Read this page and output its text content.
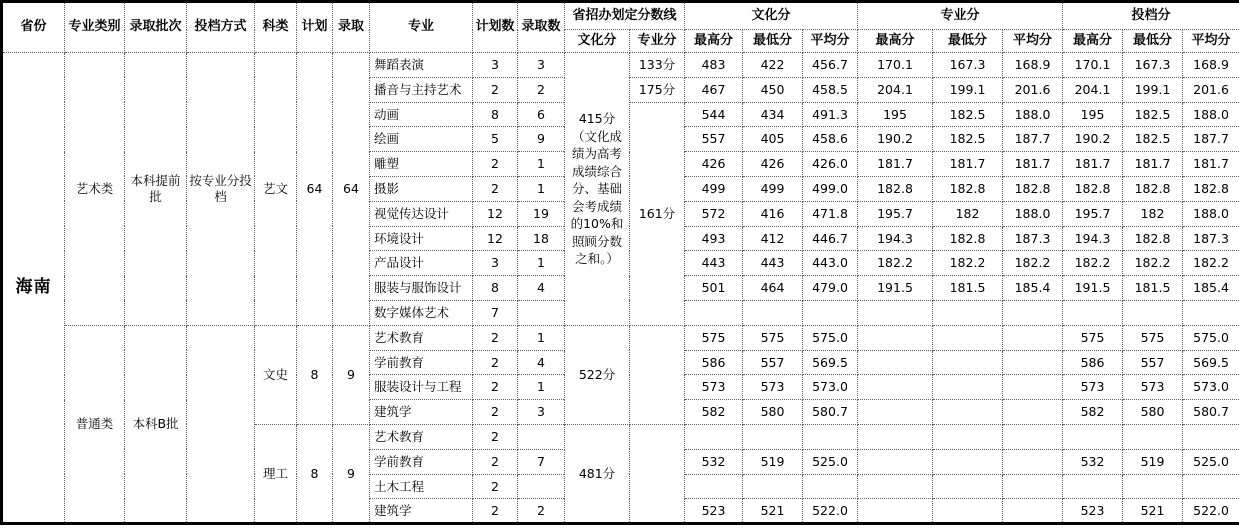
省份	专业类别	录取批次	投档方式	科类	计划	录取	专业	计划数	录取数	省招办划定分数线		文化分			专业分			投档分		
										文化分	专业分	最高分	最低分	平均分	最高分	最低分	平均分	最高分	最低分	平均分
海南	艺术类	本科提前批	按专业分投档	艺文	64	64	舞蹈表演	3	3	415分（文化成绩为高考成绩综合分、基础会考成绩的10%和照顾分数之和。）	133分	483	422	456.7	170.1	167.3	168.9	170.1	167.3	168.9
							播音与主持艺术	2	2		175分	467	450	458.5	204.1	199.1	201.6	204.1	199.1	201.6
							动画	8	6		161分	544	434	491.3	195	182.5	188.0	195	182.5	188.0
							绘画	5	9			557	405	458.6	190.2	182.5	187.7	190.2	182.5	187.7
							雕塑	2	1			426	426	426.0	181.7	181.7	181.7	181.7	181.7	181.7
							摄影	2	1			499	499	499.0	182.8	182.8	182.8	182.8	182.8	182.8
							视觉传达设计	12	19			572	416	471.8	195.7	182	188.0	195.7	182	188.0
							环境设计	12	18			493	412	446.7	194.3	182.8	187.3	194.3	182.8	187.3
							产品设计	3	1			443	443	443.0	182.2	182.2	182.2	182.2	182.2	182.2
							服装与服饰设计	8	4			501	464	479.0	191.5	181.5	185.4	191.5	181.5	185.4
							数字媒体艺术	7												
	普通类	本科B批		文史	8	9	艺术教育	2	1	522分		575	575	575.0				575	575	575.0
							学前教育	2	4			586	557	569.5				586	557	569.5
							服装设计与工程	2	1			573	573	573.0				573	573	573.0
							建筑学	2	3			582	580	580.7				582	580	580.7
				理工	8	9	艺术教育	2		481分										
							学前教育	2	7			532	519	525.0				532	519	525.0
							土木工程	2												
							建筑学	2	2			523	521	522.0				523	521	522.0
